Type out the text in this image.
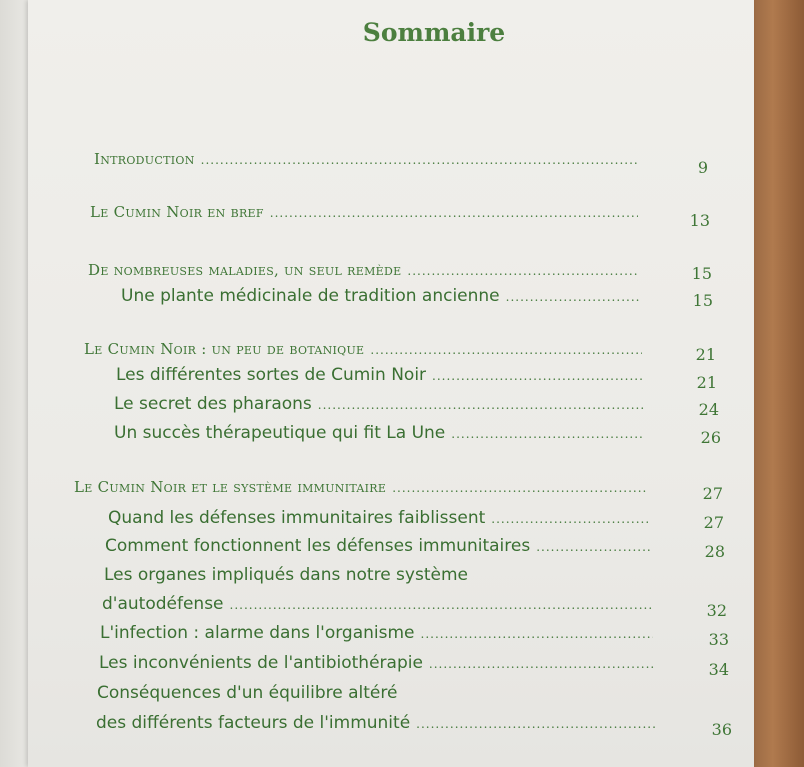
Sommaire
Introduction .....	9
Le Cumin Noir en bref .....	13
De nombreuses maladies, un seul remède .....	15
Une plante médicinale de tradition ancienne .....	15
Le Cumin Noir : un peu de botanique .....	21
Les différentes sortes de Cumin Noir .....	21
Le secret des pharaons .....	24
Un succès thérapeutique qui fit La Une .....	26
Le Cumin Noir et le système immunitaire .....	27
Quand les défenses immunitaires faiblissent .....	27
Comment fonctionnent les défenses immunitaires .....	28
Les organes impliqués dans notre système
d'autodéfense .....	32
L'infection : alarme dans l'organisme .....	33
Les inconvénients de l'antibiothérapie .....	34
Conséquences d'un équilibre altéré
des différents facteurs de l'immunité .....	36
